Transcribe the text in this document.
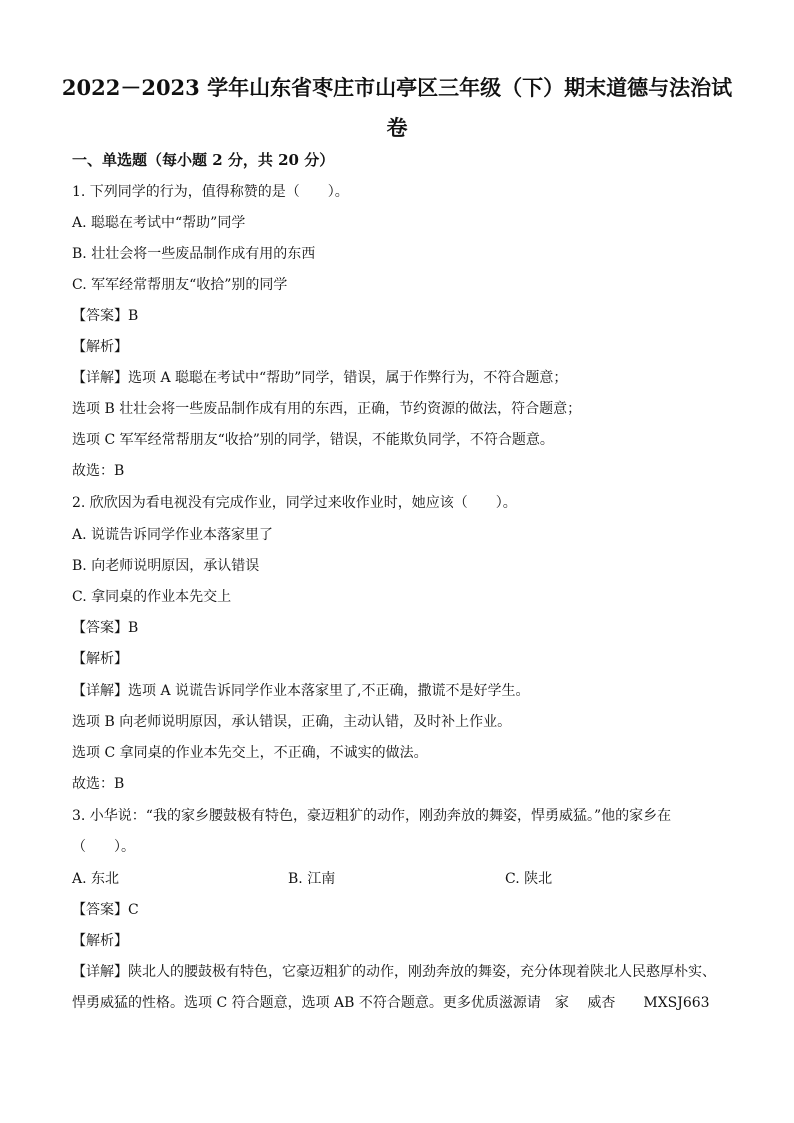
2022－2023 学年山东省枣庄市山亭区三年级（下）期末道德与法治试
卷
一、单选题（每小题 2 分，共 20 分）
1. 下列同学的行为，值得称赞的是（　　）。
A. 聪聪在考试中“帮助”同学
B. 壮壮会将一些废品制作成有用的东西
C. 军军经常帮朋友“收拾”别的同学
【答案】B
【解析】
【详解】选项 A 聪聪在考试中“帮助”同学，错误，属于作弊行为，不符合题意；
选项 B 壮壮会将一些废品制作成有用的东西，正确，节约资源的做法，符合题意；
选项 C 军军经常帮朋友“收拾”别的同学，错误，不能欺负同学，不符合题意。
故选：B
2. 欣欣因为看电视没有完成作业，同学过来收作业时，她应该（　　）。
A. 说谎告诉同学作业本落家里了
B. 向老师说明原因，承认错误
C. 拿同桌的作业本先交上
【答案】B
【解析】
【详解】选项 A 说谎告诉同学作业本落家里了,不正确，撒谎不是好学生。
选项 B 向老师说明原因，承认错误，正确，主动认错，及时补上作业。
选项 C 拿同桌的作业本先交上，不正确，不诚实的做法。
故选：B
3. 小华说：“我的家乡腰鼓极有特色，豪迈粗犷的动作，刚劲奔放的舞姿，悍勇威猛。”他的家乡在
（　　）。
A. 东北	B. 江南	C. 陕北
【答案】C
【解析】
【详解】陕北人的腰鼓极有特色，它豪迈粗犷的动作，刚劲奔放的舞姿，充分体现着陕北人民憨厚朴实、
悍勇威猛的性格。选项 C 符合题意，选项 AB 不符合题意。更多优质滋源请　家　 威杏　　MXSJ663
